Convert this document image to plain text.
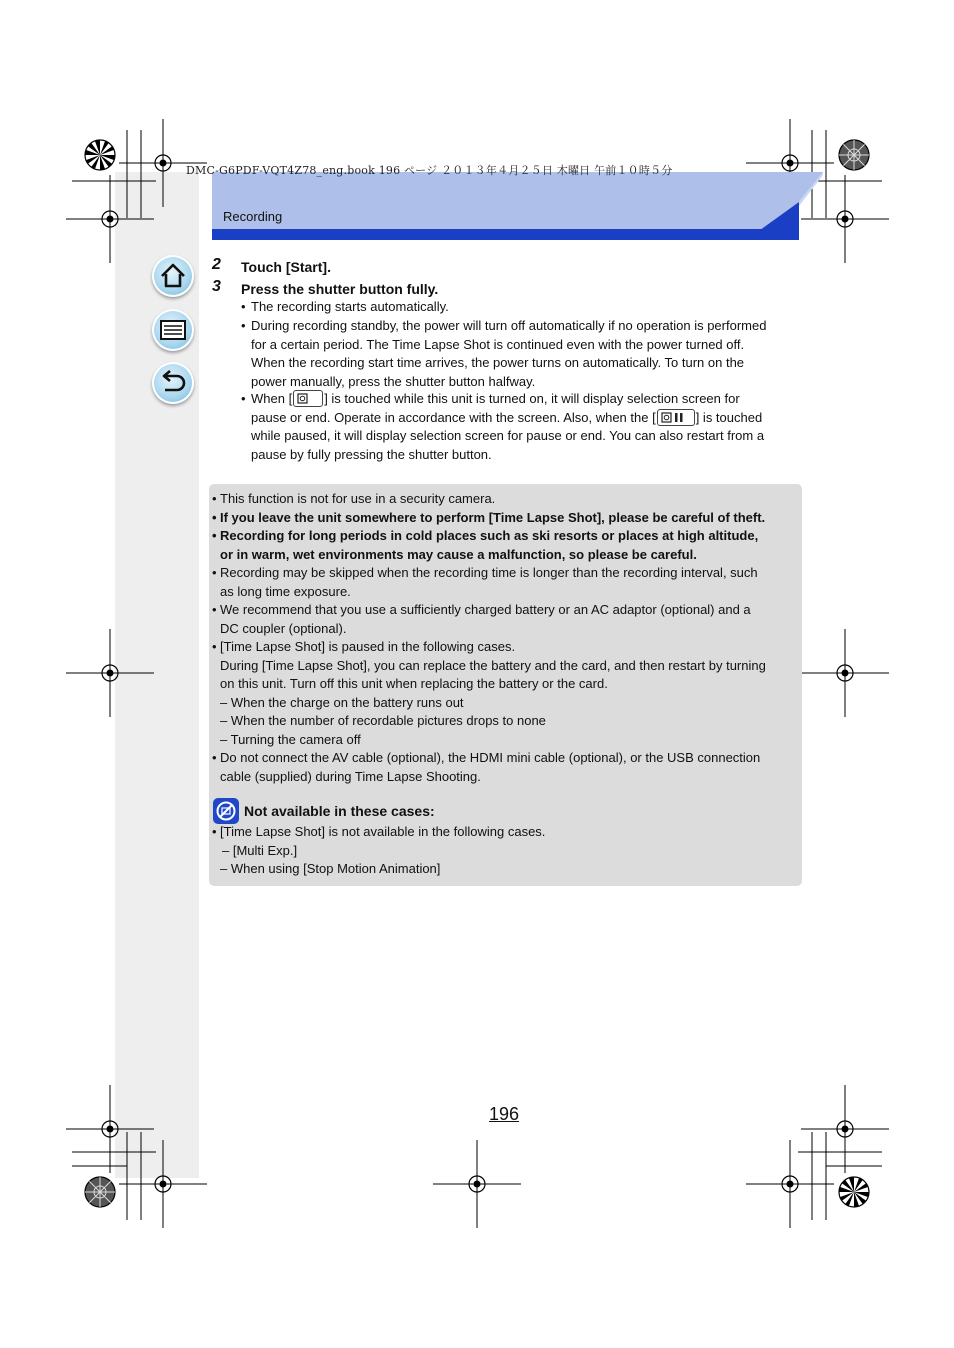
DMC-G6PDF-VQT4Z78_eng.book 196 ページ ２０１３年４月２５日 木曜日 午前１０時５分
Recording
2 Touch [Start].
3 Press the shutter button fully.
• The recording starts automatically.
• During recording standby, the power will turn off automatically if no operation is performed
for a certain period. The Time Lapse Shot is continued even with the power turned off.
When the recording start time arrives, the power turns on automatically. To turn on the
power manually, press the shutter button halfway.
• When [ ] is touched while this unit is turned on, it will display selection screen for
pause or end. Operate in accordance with the screen. Also, when the [	] is touched
while paused, it will display selection screen for pause or end. You can also restart from a
pause by fully pressing the shutter button.
• This function is not for use in a security camera.
• If you leave the unit somewhere to perform [Time Lapse Shot], please be careful of theft.
• Recording for long periods in cold places such as ski resorts or places at high altitude,
or in warm, wet environments may cause a malfunction, so please be careful.
• Recording may be skipped when the recording time is longer than the recording interval, such
as long time exposure.
• We recommend that you use a sufficiently charged battery or an AC adaptor (optional) and a
DC coupler (optional).
• [Time Lapse Shot] is paused in the following cases.
During [Time Lapse Shot], you can replace the battery and the card, and then restart by turning
on this unit. Turn off this unit when replacing the battery or the card.
– When the charge on the battery runs out
– When the number of recordable pictures drops to none
– Turning the camera off
• Do not connect the AV cable (optional), the HDMI mini cable (optional), or the USB connection
cable (supplied) during Time Lapse Shooting.
Not available in these cases:
• [Time Lapse Shot] is not available in the following cases.
– [Multi Exp.]
– When using [Stop Motion Animation]
196
